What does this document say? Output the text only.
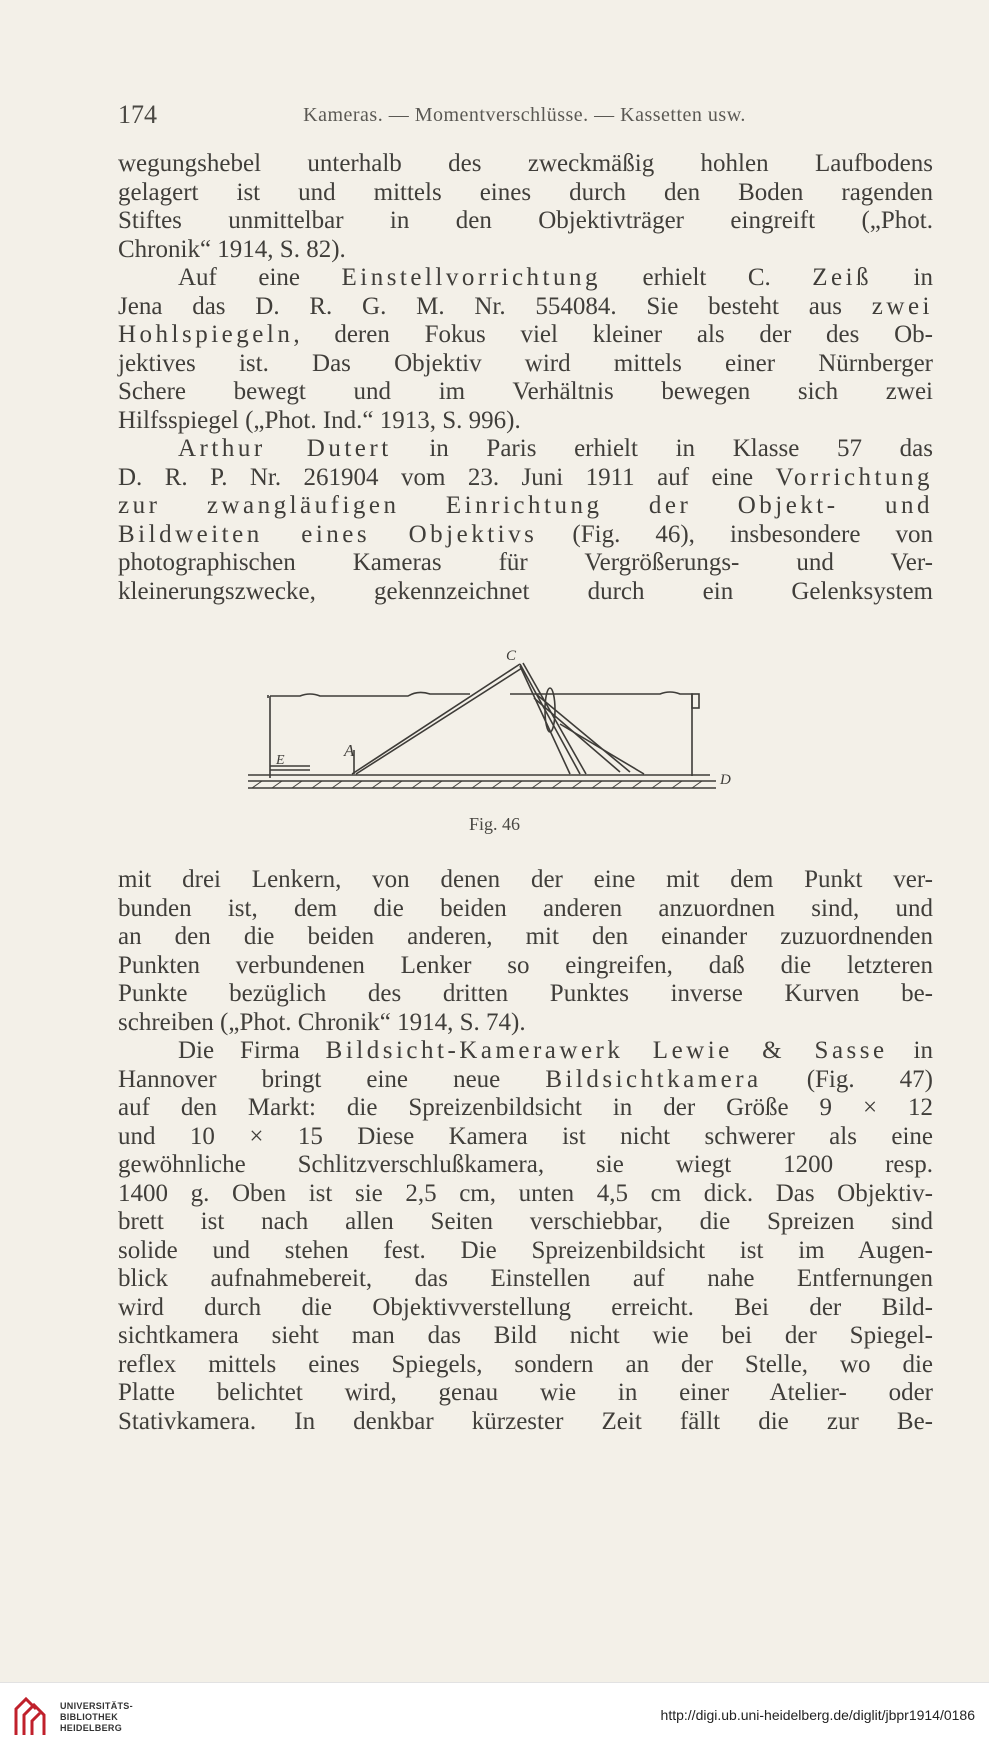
174	Kameras. — Momentverschlüsse. — Kassetten usw.
wegungshebel unterhalb des zweckmäßig hohlen Laufbodens
gelagert ist und mittels eines durch den Boden ragenden
Stiftes unmittelbar in den Objektivträger eingreift („Phot.
Chronik“ 1914, S. 82).
Auf eine Einstellvorrichtung erhielt C. Zeiß in
Jena das D. R. G. M. Nr. 554084. Sie besteht aus zwei
Hohlspiegeln, deren Fokus viel kleiner als der des Ob-
jektives ist. Das Objektiv wird mittels einer Nürnberger
Schere bewegt und im Verhältnis bewegen sich zwei
Hilfsspiegel („Phot. Ind.“ 1913, S. 996).
Arthur Dutert in Paris erhielt in Klasse 57 das
D. R. P. Nr. 261904 vom 23. Juni 1911 auf eine Vorrichtung
zur zwangläufigen Einrichtung der Objekt- und
Bildweiten eines Objektivs (Fig. 46), insbesondere von
photographischen Kameras für Vergrößerungs- und Ver-
kleinerungszwecke, gekennzeichnet durch ein Gelenksystem
C
A
E
D
Fig. 46
mit drei Lenkern, von denen der eine mit dem Punkt ver-
bunden ist, dem die beiden anderen anzuordnen sind, und
an den die beiden anderen, mit den einander zuzuordnenden
Punkten verbundenen Lenker so eingreifen, daß die letzteren
Punkte bezüglich des dritten Punktes inverse Kurven be-
schreiben („Phot. Chronik“ 1914, S. 74).
Die Firma Bildsicht-Kamerawerk Lewie & Sasse in
Hannover bringt eine neue Bildsichtkamera (Fig. 47)
auf den Markt: die Spreizenbildsicht in der Größe 9 × 12
und 10 × 15 Diese Kamera ist nicht schwerer als eine
gewöhnliche Schlitzverschlußkamera, sie wiegt 1200 resp.
1400 g. Oben ist sie 2,5 cm, unten 4,5 cm dick. Das Objektiv-
brett ist nach allen Seiten verschiebbar, die Spreizen sind
solide und stehen fest. Die Spreizenbildsicht ist im Augen-
blick aufnahmebereit, das Einstellen auf nahe Entfernungen
wird durch die Objektivverstellung erreicht. Bei der Bild-
sichtkamera sieht man das Bild nicht wie bei der Spiegel-
reflex mittels eines Spiegels, sondern an der Stelle, wo die
Platte belichtet wird, genau wie in einer Atelier- oder
Stativkamera. In denkbar kürzester Zeit fällt die zur Be-
UNIVERSITÄTS-
BIBLIOTHEK
HEIDELBERG
http://digi.ub.uni-heidelberg.de/diglit/jbpr1914/0186
